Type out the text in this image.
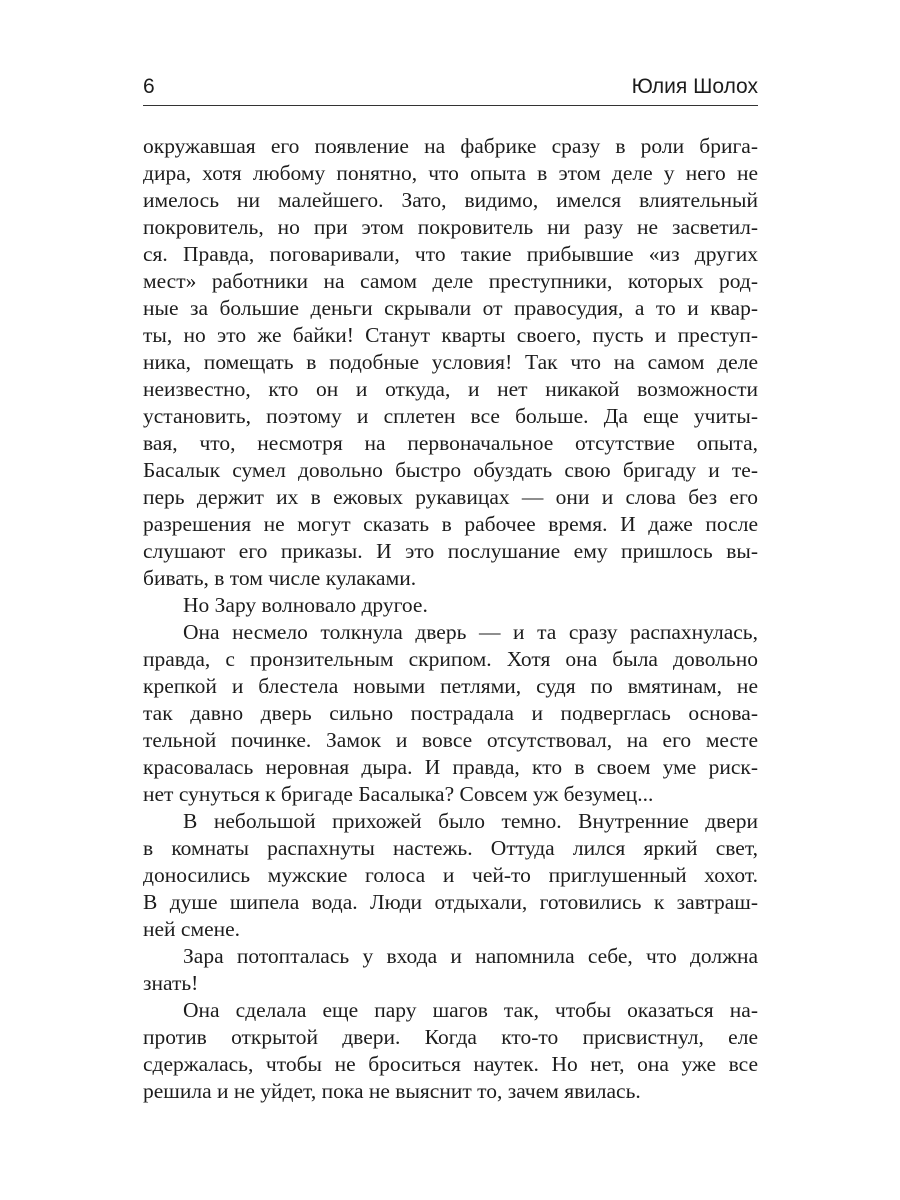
6	Юлия Шолох
окружавшая его появление на фабрике сразу в роли брига-
дира, хотя любому понятно, что опыта в этом деле у него не
имелось ни малейшего. Зато, видимо, имелся влиятельный
покровитель, но при этом покровитель ни разу не засветил-
ся. Правда, поговаривали, что такие прибывшие «из других
мест» работники на самом деле преступники, которых род-
ные за большие деньги скрывали от правосудия, а то и квар-
ты, но это же байки! Станут кварты своего, пусть и преступ-
ника, помещать в подобные условия! Так что на самом деле
неизвестно, кто он и откуда, и нет никакой возможности
установить, поэтому и сплетен все больше. Да еще учиты-
вая, что, несмотря на первоначальное отсутствие опыта,
Басалык сумел довольно быстро обуздать свою бригаду и те-
перь держит их в ежовых рукавицах — они и слова без его
разрешения не могут сказать в рабочее время. И даже после
слушают его приказы. И это послушание ему пришлось вы-
бивать, в том числе кулаками.
Но Зару волновало другое.
Она несмело толкнула дверь — и та сразу распахнулась,
правда, с пронзительным скрипом. Хотя она была довольно
крепкой и блестела новыми петлями, судя по вмятинам, не
так давно дверь сильно пострадала и подверглась основа-
тельной починке. Замок и вовсе отсутствовал, на его месте
красовалась неровная дыра. И правда, кто в своем уме риск-
нет сунуться к бригаде Басалыка? Совсем уж безумец...
В небольшой прихожей было темно. Внутренние двери
в комнаты распахнуты настежь. Оттуда лился яркий свет,
доносились мужские голоса и чей-то приглушенный хохот.
В душе шипела вода. Люди отдыхали, готовились к завтраш-
ней смене.
Зара потопталась у входа и напомнила себе, что должна
знать!
Она сделала еще пару шагов так, чтобы оказаться на-
против открытой двери. Когда кто-то присвистнул, еле
сдержалась, чтобы не броситься наутек. Но нет, она уже все
решила и не уйдет, пока не выяснит то, зачем явилась.
